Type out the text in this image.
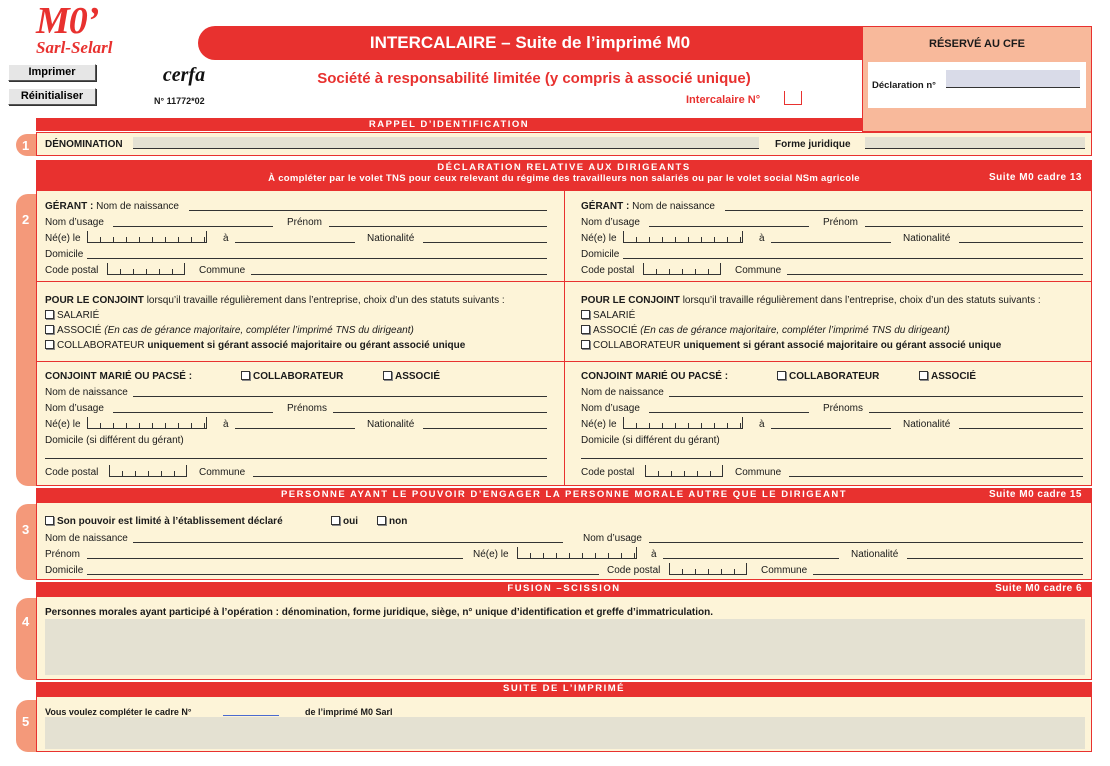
M0’
Sarl-Selarl
Imprimer
Réinitialiser
cerfa
N° 11772*02
INTERCALAIRE – Suite de l’imprimé M0
Société à responsabilité limitée (y compris à associé unique)
Intercalaire N°
RÉSERVÉ AU CFE
Déclaration n°
1
RAPPEL D’IDENTIFICATION
DÉNOMINATION	Forme juridique
2
DÉCLARATION RELATIVE AUX DIRIGEANTS
À compléter par le volet TNS pour ceux relevant du régime des travailleurs non salariés ou par le volet social NSm agricole	Suite M0 cadre 13
GÉRANT : Nom de naissance
Nom d’usage	Prénom
Né(e) le	à	Nationalité
Domicile
Code postal	Commune
POUR LE CONJOINT lorsqu’il travaille régulièrement dans l’entreprise, choix d’un des statuts suivants :
SALARIÉ
ASSOCIÉ (En cas de gérance majoritaire, compléter l’imprimé TNS du dirigeant)
COLLABORATEUR uniquement si gérant associé majoritaire ou gérant associé unique
CONJOINT MARIÉ OU PACSÉ :	COLLABORATEUR	ASSOCIÉ
Nom de naissance
Nom d’usage	Prénoms
Né(e) le	à	Nationalité
Domicile (si différent du gérant)
Code postal	Commune
GÉRANT : Nom de naissance
Nom d’usage	Prénom
Né(e) le	à	Nationalité
Domicile
Code postal	Commune
POUR LE CONJOINT lorsqu’il travaille régulièrement dans l’entreprise, choix d’un des statuts suivants :
SALARIÉ
ASSOCIÉ (En cas de gérance majoritaire, compléter l’imprimé TNS du dirigeant)
COLLABORATEUR uniquement si gérant associé majoritaire ou gérant associé unique
CONJOINT MARIÉ OU PACSÉ :	COLLABORATEUR	ASSOCIÉ
Nom de naissance
Nom d’usage	Prénoms
Né(e) le	à	Nationalité
Domicile (si différent du gérant)
Code postal	Commune
3
PERSONNE AYANT LE POUVOIR D’ENGAGER LA PERSONNE MORALE AUTRE QUE LE DIRIGEANT	Suite M0 cadre 15
Son pouvoir est limité à l’établissement déclaré	oui	non
Nom de naissance	Nom d’usage
Prénom	Né(e) le	à	Nationalité
Domicile	Code postal	Commune
4
FUSION –SCISSION	Suite M0 cadre 6
Personnes morales ayant participé à l’opération : dénomination, forme juridique, siège, n° unique d’identification et greffe d’immatriculation.
5
SUITE DE L’IMPRIMÉ
Vous voulez compléter le cadre N°	de l’imprimé M0 Sarl
